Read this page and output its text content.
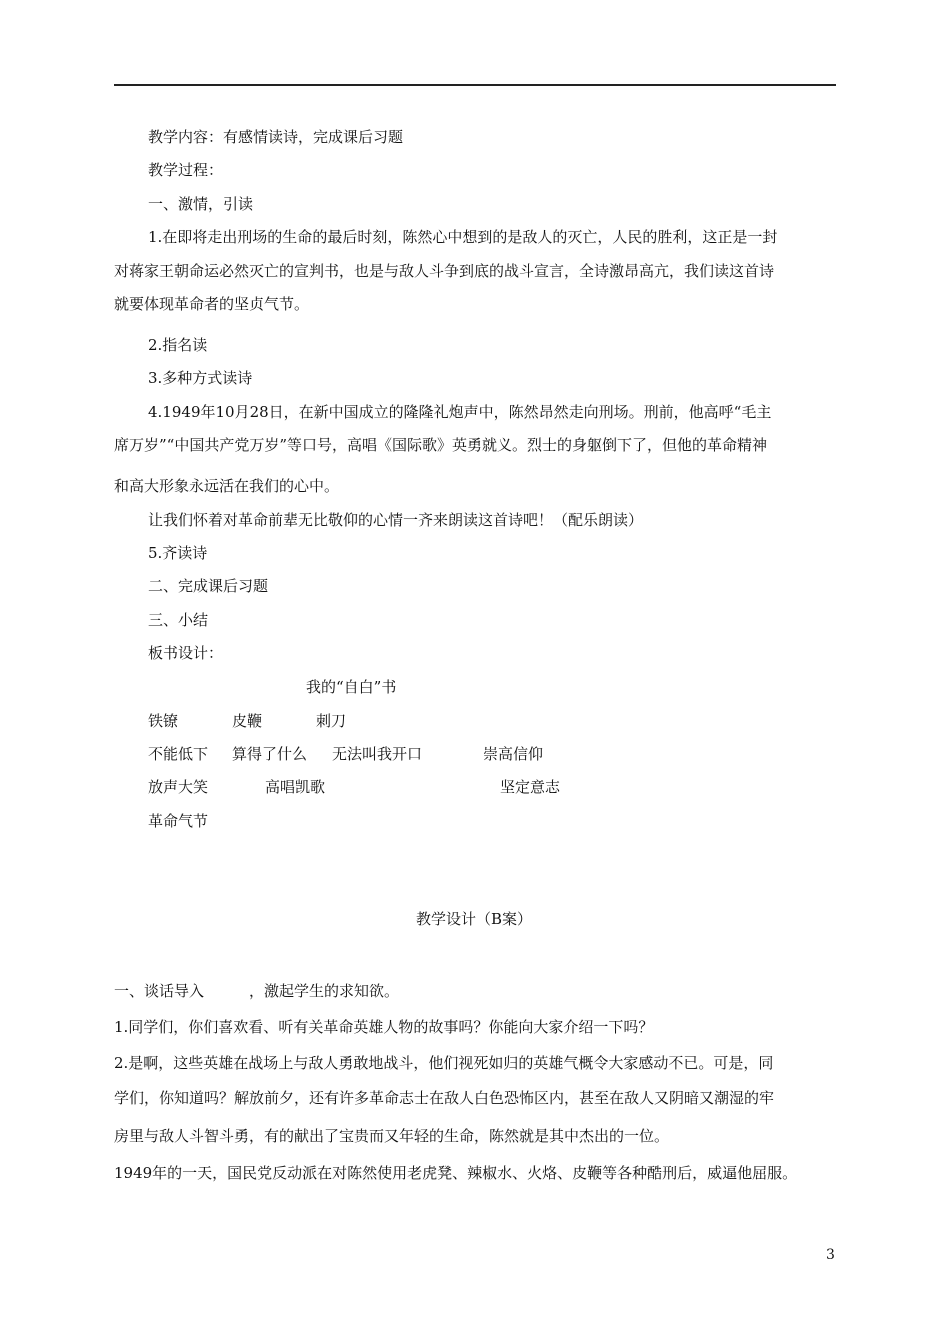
教学内容：有感情读诗，完成课后习题
教学过程：
一、激情，引读
1.在即将走出刑场的生命的最后时刻，陈然心中想到的是敌人的灭亡，人民的胜利，这正是一封
对蒋家王朝命运必然灭亡的宣判书，也是与敌人斗争到底的战斗宣言，全诗激昂高亢，我们读这首诗
就要体现革命者的坚贞气节。
2.指名读
3.多种方式读诗
4.1949年10月28日，在新中国成立的隆隆礼炮声中，陈然昂然走向刑场。刑前，他高呼“毛主
席万岁”“中国共产党万岁”等口号，高唱《国际歌》英勇就义。烈士的身躯倒下了，但他的革命精神
和高大形象永远活在我们的心中。
让我们怀着对革命前辈无比敬仰的心情一齐来朗读这首诗吧！（配乐朗读）
5.齐读诗
二、完成课后习题
三、小结
板书设计：
我的“自白”书
铁镣	皮鞭	刺刀
不能低下 算得了什么 无法叫我开口	崇高信仰
放声大笑	高唱凯歌	坚定意志
革命气节
教学设计（B案）
一、谈话导入	，激起学生的求知欲。
1.同学们，你们喜欢看、听有关革命英雄人物的故事吗？你能向大家介绍一下吗？
2.是啊，这些英雄在战场上与敌人勇敢地战斗，他们视死如归的英雄气概令大家感动不已。可是，同
学们，你知道吗？解放前夕，还有许多革命志士在敌人白色恐怖区内，甚至在敌人又阴暗又潮湿的牢
房里与敌人斗智斗勇，有的献出了宝贵而又年轻的生命，陈然就是其中杰出的一位。
1949年的一天，国民党反动派在对陈然使用老虎凳、辣椒水、火烙、皮鞭等各种酷刑后，威逼他屈服。
3
